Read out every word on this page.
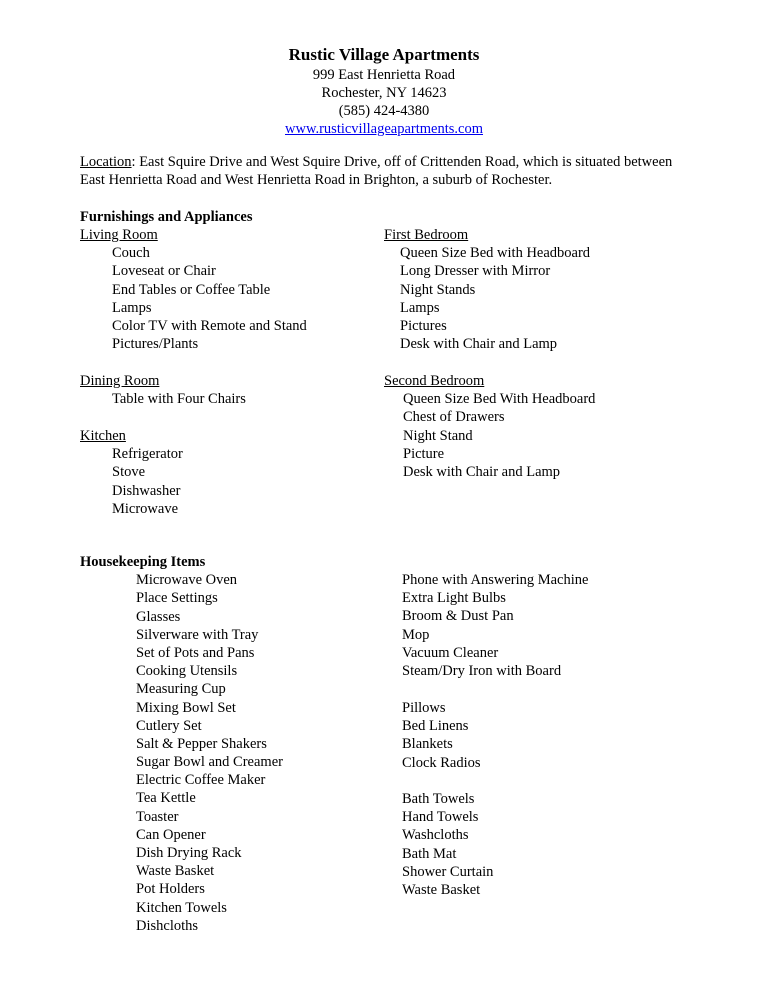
Rustic Village Apartments
999 East Henrietta Road
Rochester, NY 14623
(585) 424-4380
www.rusticvillageapartments.com
Location: East Squire Drive and West Squire Drive, off of Crittenden Road, which is situated between East Henrietta Road and West Henrietta Road in Brighton, a suburb of Rochester.
Furnishings and Appliances
Living Room
Couch
Loveseat or Chair
End Tables or Coffee Table
Lamps
Color TV with Remote and Stand
Pictures/Plants
First Bedroom
Queen Size Bed with Headboard
Long Dresser with Mirror
Night Stands
Lamps
Pictures
Desk with Chair and Lamp
Dining Room
Table with Four Chairs
Second Bedroom
Queen Size Bed With Headboard
Chest of Drawers
Night Stand
Picture
Desk with Chair and Lamp
Kitchen
Refrigerator
Stove
Dishwasher
Microwave
Housekeeping Items
Microwave Oven
Place Settings
Glasses
Silverware with Tray
Set of Pots and Pans
Cooking Utensils
Measuring Cup
Mixing Bowl Set
Cutlery Set
Salt & Pepper Shakers
Sugar Bowl and Creamer
Electric Coffee Maker
Tea Kettle
Toaster
Can Opener
Dish Drying Rack
Waste Basket
Pot Holders
Kitchen Towels
Dishcloths
Phone with Answering Machine
Extra Light Bulbs
Broom & Dust Pan
Mop
Vacuum Cleaner
Steam/Dry Iron with Board
Pillows
Bed Linens
Blankets
Clock Radios
Bath Towels
Hand Towels
Washcloths
Bath Mat
Shower Curtain
Waste Basket
